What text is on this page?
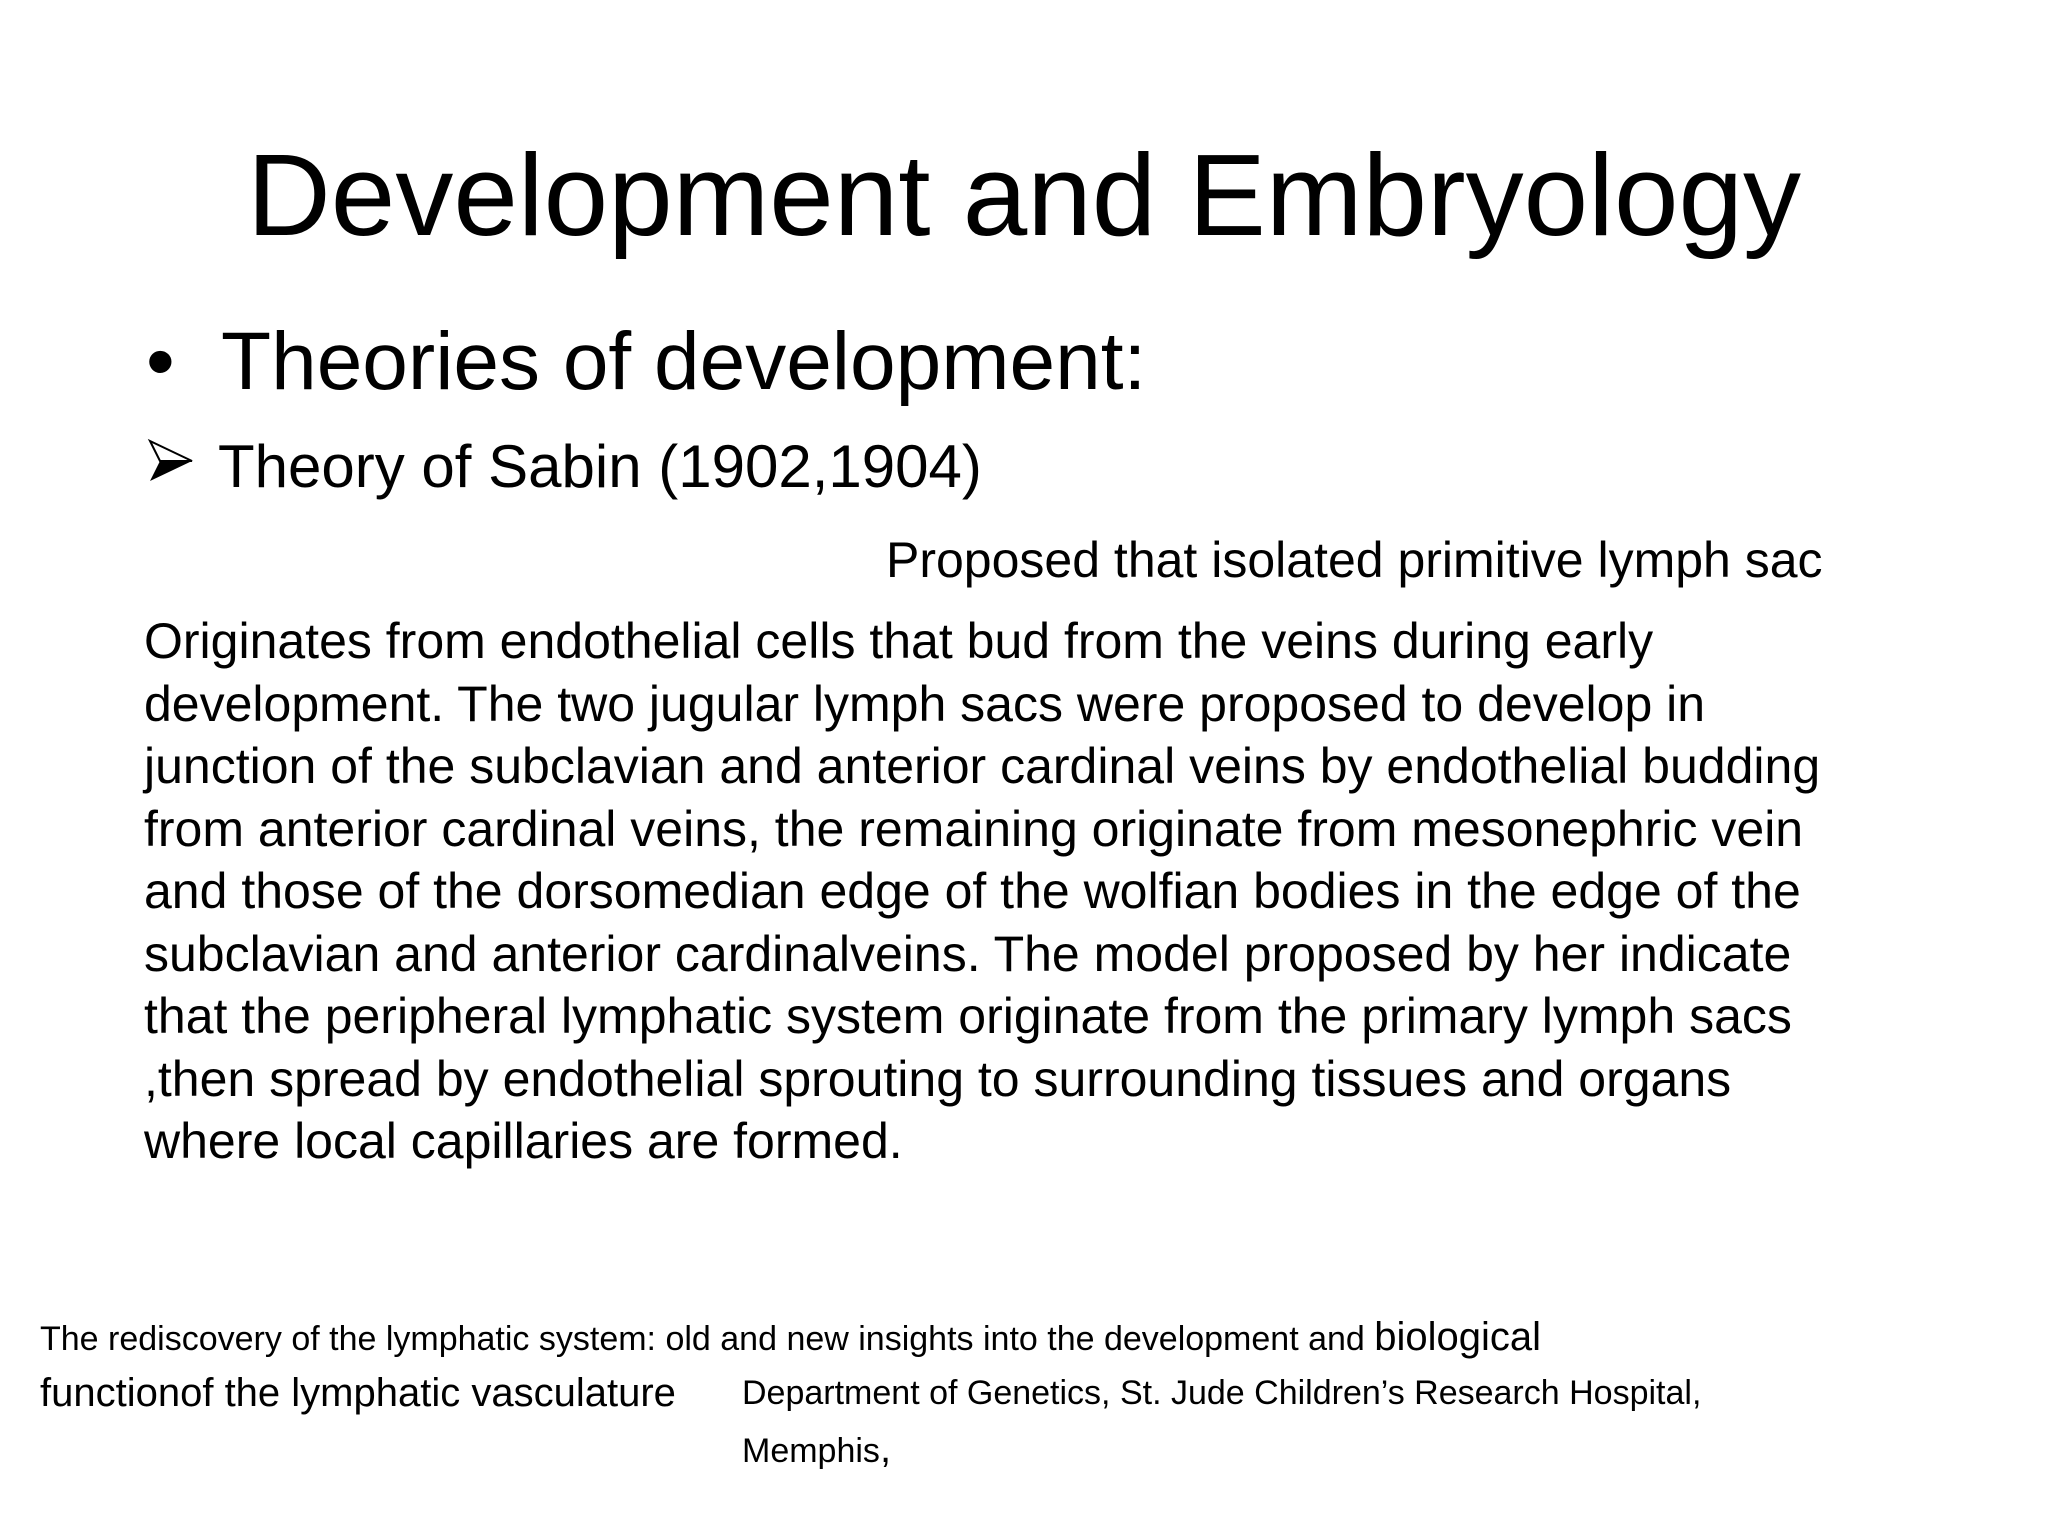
Development and Embryology
• Theories of development:
Theory of Sabin (1902,1904)
Proposed that isolated primitive lymph sac
Originates from endothelial cells that bud from the veins during early
development. The two jugular lymph sacs were proposed to develop in
junction of the subclavian and anterior cardinal veins by endothelial budding
from anterior cardinal veins, the remaining originate from mesonephric vein
and those of the dorsomedian edge of the wolfian bodies in the edge of the
subclavian and anterior cardinalveins. The model proposed by her indicate
that the peripheral lymphatic system originate from the primary lymph sacs
,then spread by endothelial sprouting to surrounding tissues and organs
where local capillaries are formed.
The rediscovery of the lymphatic system: old and new insights into the development and biological
functionof the lymphatic vasculature Department of Genetics, St. Jude Children’s Research Hospital,
Memphis,
